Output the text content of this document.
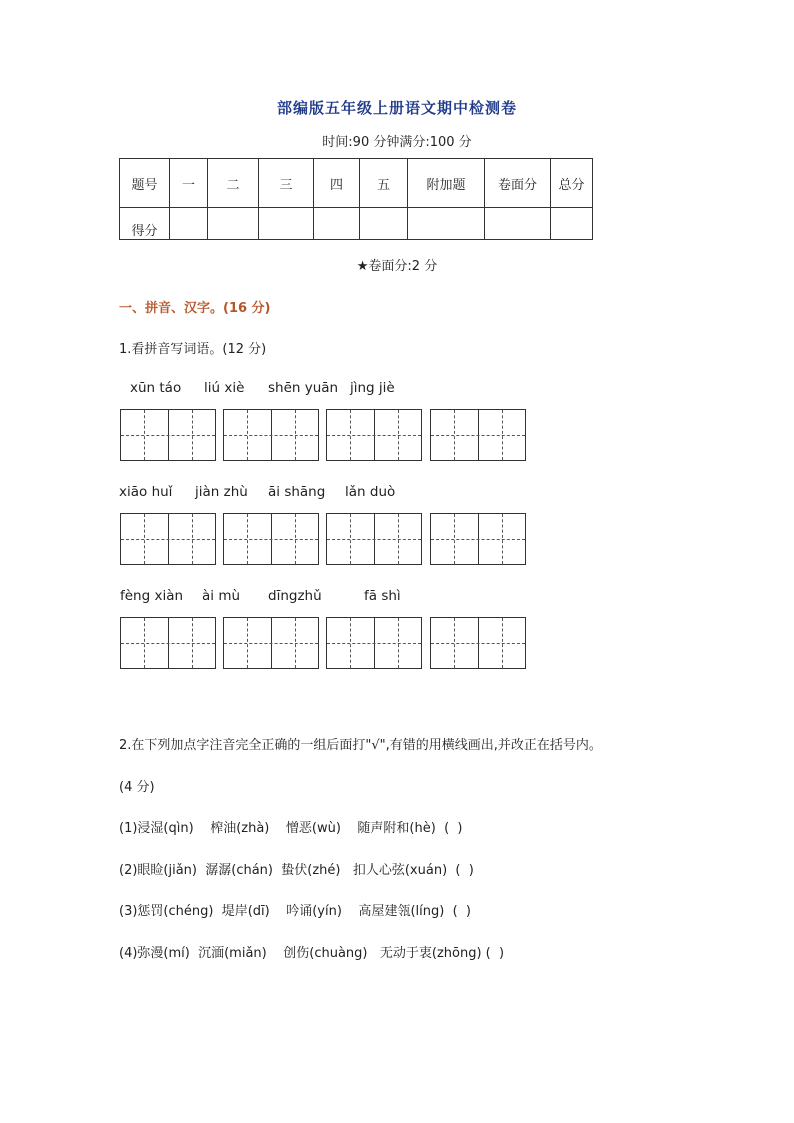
部编版五年级上册语文期中检测卷
时间:90 分钟满分:100 分
题号	一	二	三	四	五	附加题	卷面分	总分
得分								
★卷面分:2 分
一、拼音、汉字。(16 分)
1.看拼音写词语。(12 分)
xūn táo liú xiè shēn yuān jìng jiè
xiāo huǐ jiàn zhù āi shāng lǎn duò
fèng xiàn ài mù dīngzhǔ	fā shì
2.在下列加点字注音完全正确的一组后面打"√",有错的用横线画出,并改正在括号内。
(4 分)
(1)浸湿(qìn)    榨油(zhà)    憎恶(wù)    随声附和(hè)  (  )
(2)眼睑(jiǎn)  潺潺(chán)  蛰伏(zhé)   扣人心弦(xuán)  (  )
(3)惩罚(chéng)  堤岸(dī)    吟诵(yín)    高屋建瓴(líng)  (  )
(4)弥漫(mí)  沉湎(miǎn)    创伤(chuàng)   无动于衷(zhōng) (  )
